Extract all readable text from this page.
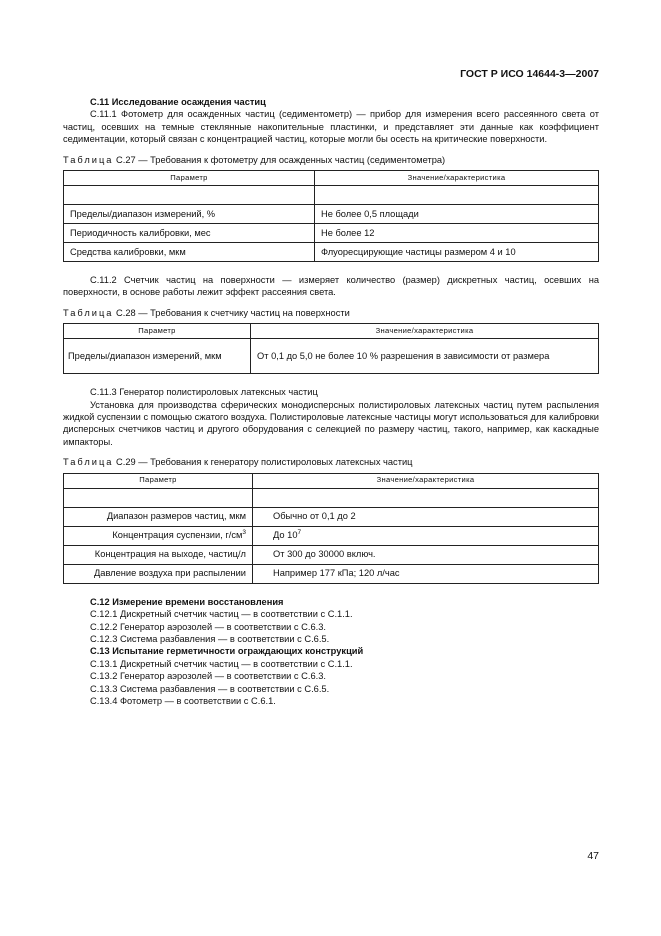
ГОСТ Р ИСО 14644-3—2007
С.11 Исследование осаждения частиц

С.11.1 Фотометр для осажденных частиц (седиментометр) — прибор для измерения всего рассеянного света от частиц, осевших на темные стеклянные накопительные пластинки, и представляет эти данные как коэффициент седиментации, который связан с концентрацией частиц, которые могли бы осесть на критические поверхности.

Таблица С.27 — Требования к фотометру для осажденных частиц (седиментометра)
Параметр	Значение/характеристика

Пределы/диапазон измерений, %	Не более 0,5 площади
Периодичность калибровки, мес	Не более 12
Средства калибровки, мкм	Флуоресцирующие частицы размером 4 и 10

С.11.2 Счетчик частиц на поверхности — измеряет количество (размер) дискретных частиц, осевших на поверхности, в основе работы лежит эффект рассеяния света.

Таблица С.28 — Требования к счетчику частиц на поверхности
Параметр	Значение/характеристика
Пределы/диапазон измерений, мкм	От 0,1 до 5,0 не более 10 % разрешения в зависимости от размера
С.11.3 Генератор полистироловых латексных частиц

Установка для производства сферических монодисперсных полистироловых латексных частиц путем распыления жидкой суспензии с помощью сжатого воздуха. Полистироловые латексные частицы могут использоваться для калибровки дисперсных счетчиков частиц и другого оборудования с селекцией по размеру частиц, такого, например, как каскадные импакторы.

Таблица С.29 — Требования к генератору полистироловых латексных частиц
Параметр	Значение/характеристика

Диапазон размеров частиц, мкм	Обычно от 0,1 до 2
Концентрация суспензии, $г/см^3$	До $10^7$
Концентрация на выходе, частиц/л	От 300 до 30000 включ.
Давление воздуха при распылении	Например 177 кПа; 120 л/час
С.12 Измерение времени восстановления
С.12.1 Дискретный счетчик частиц — в соответствии с С.1.1.
С.12.2 Генератор аэрозолей — в соответствии с С.6.3.
С.12.3 Система разбавления — в соответствии с С.6.5.
С.13 Испытание герметичности ограждающих конструкций
С.13.1 Дискретный счетчик частиц — в соответствии с С.1.1.
С.13.2 Генератор аэрозолей — в соответствии с С.6.3.
С.13.3 Система разбавления — в соответствии с С.6.5.
С.13.4 Фотометр — в соответствии с С.6.1.
47
